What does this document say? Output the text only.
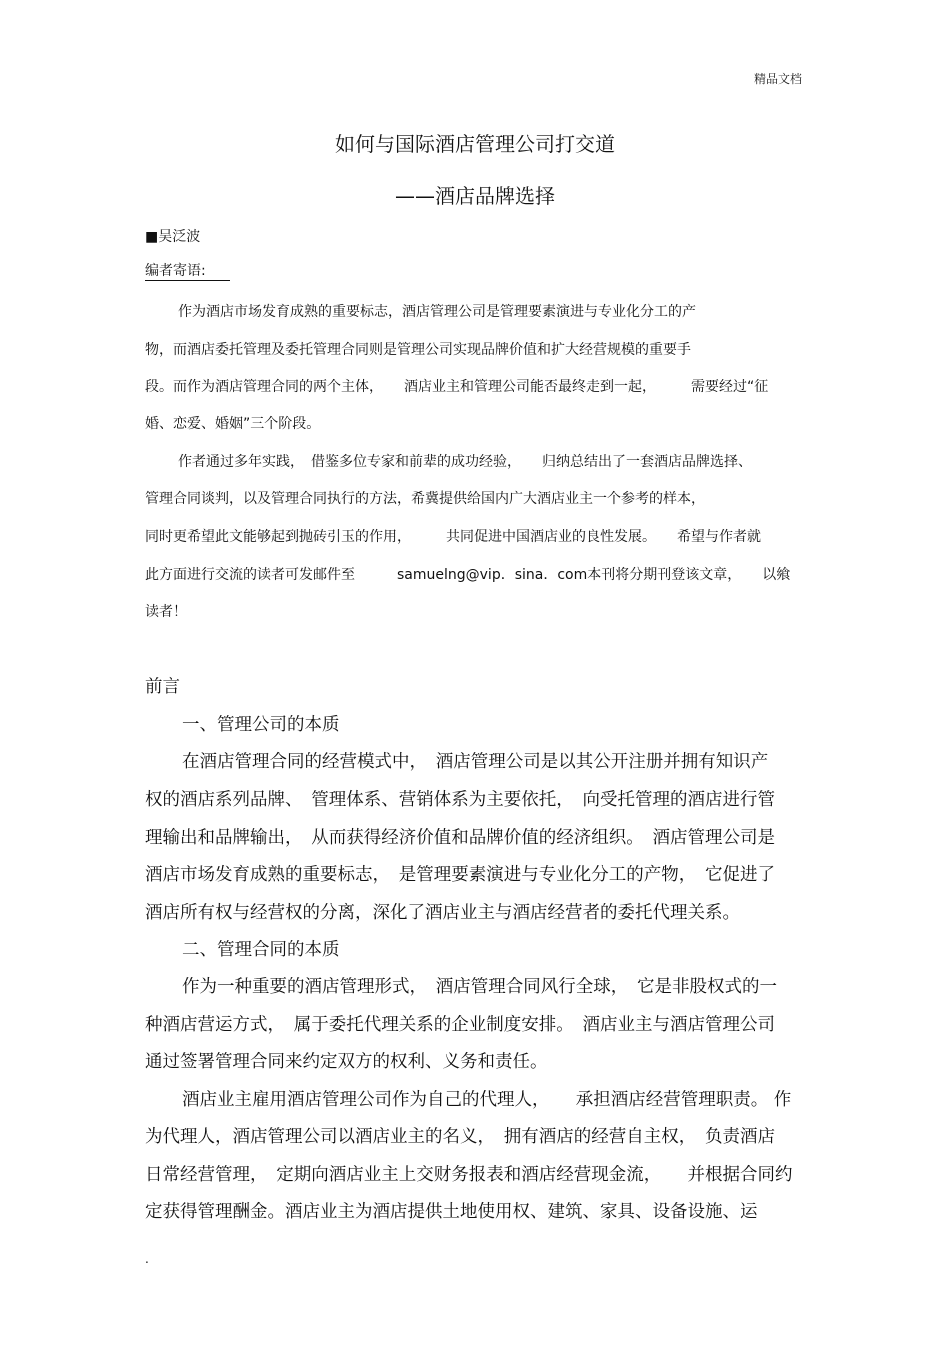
精品文档
如何与国际酒店管理公司打交道
——酒店品牌选择
■吴泛波
编者寄语:
作为酒店市场发育成熟的重要标志，酒店管理公司是管理要素演进与专业化分工的产
物，而酒店委托管理及委托管理合同则是管理公司实现品牌价值和扩大经营规模的重要手
段。而作为酒店管理合同的两个主体，　　酒店业主和管理公司能否最终走到一起，　　　需要经过“征
婚、恋爱、婚姻”三个阶段。
作者通过多年实践，　借鉴多位专家和前辈的成功经验，　　归纳总结出了一套酒店品牌选择、
管理合同谈判，以及管理合同执行的方法，希冀提供给国内广大酒店业主一个参考的样本，
同时更希望此文能够起到抛砖引玉的作用，　　　共同促进中国酒店业的良性发展。　　希望与作者就
此方面进行交流的读者可发邮件至　　　samuelng@vip．sina．com本刊将分期刊登该文章，　　以飨
读者！
前言
一、管理公司的本质
在酒店管理合同的经营模式中，　酒店管理公司是以其公开注册并拥有知识产
权的酒店系列品牌、　管理体系、营销体系为主要依托，　向受托管理的酒店进行管
理输出和品牌输出，　从而获得经济价值和品牌价值的经济组织。　酒店管理公司是
酒店市场发育成熟的重要标志，　是管理要素演进与专业化分工的产物，　它促进了
酒店所有权与经营权的分离，深化了酒店业主与酒店经营者的委托代理关系。
二、管理合同的本质
作为一种重要的酒店管理形式，　酒店管理合同风行全球，　它是非股权式的一
种酒店营运方式，　属于委托代理关系的企业制度安排。　酒店业主与酒店管理公司
通过签署管理合同来约定双方的权利、义务和责任。
酒店业主雇用酒店管理公司作为自己的代理人，　　承担酒店经营管理职责。 作
为代理人，酒店管理公司以酒店业主的名义，　拥有酒店的经营自主权，　负责酒店
日常经营管理，　定期向酒店业主上交财务报表和酒店经营现金流，　　并根据合同约
定获得管理酬金。酒店业主为酒店提供土地使用权、建筑、家具、设备设施、运
.
